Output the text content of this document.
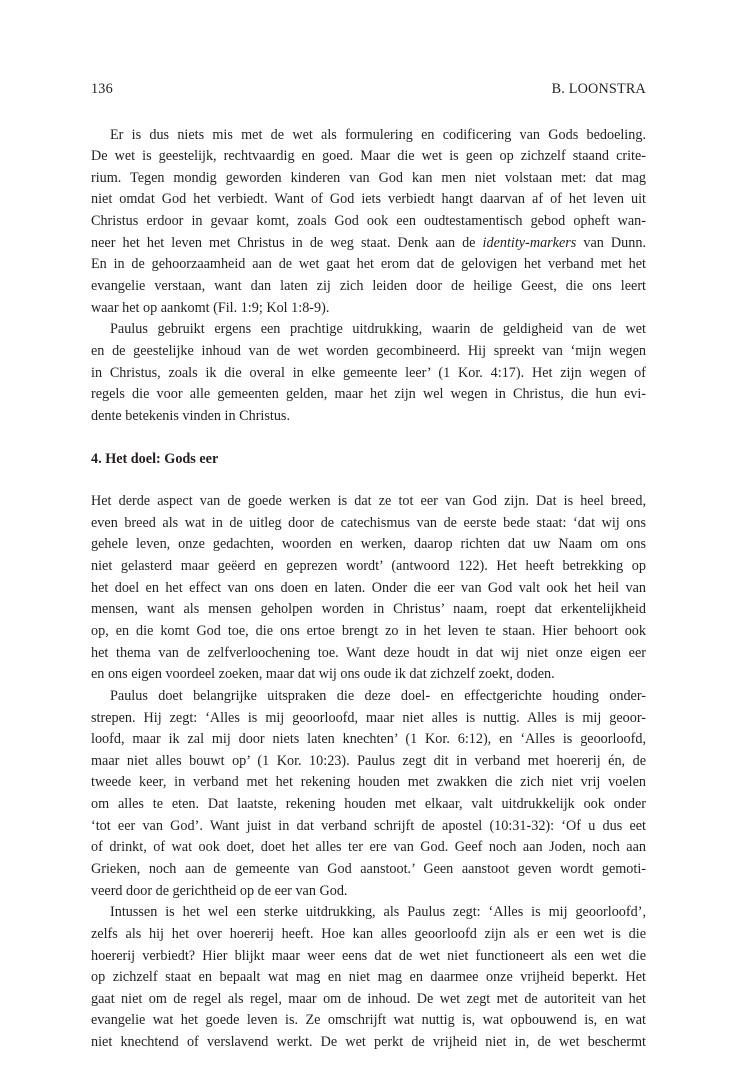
136	B. LOONSTRA
Er is dus niets mis met de wet als formulering en codificering van Gods bedoeling.
De wet is geestelijk, rechtvaardig en goed. Maar die wet is geen op zichzelf staand crite-
rium. Tegen mondig geworden kinderen van God kan men niet volstaan met: dat mag
niet omdat God het verbiedt. Want of God iets verbiedt hangt daarvan af of het leven uit
Christus erdoor in gevaar komt, zoals God ook een oudtestamentisch gebod opheft wan-
neer het het leven met Christus in de weg staat. Denk aan de identity-markers van Dunn.
En in de gehoorzaamheid aan de wet gaat het erom dat de gelovigen het verband met het
evangelie verstaan, want dan laten zij zich leiden door de heilige Geest, die ons leert
waar het op aankomt (Fil. 1:9; Kol 1:8-9).
Paulus gebruikt ergens een prachtige uitdrukking, waarin de geldigheid van de wet
en de geestelijke inhoud van de wet worden gecombineerd. Hij spreekt van ‘mijn wegen
in Christus, zoals ik die overal in elke gemeente leer’ (1 Kor. 4:17). Het zijn wegen of
regels die voor alle gemeenten gelden, maar het zijn wel wegen in Christus, die hun evi-
dente betekenis vinden in Christus.
4. Het doel: Gods eer
Het derde aspect van de goede werken is dat ze tot eer van God zijn. Dat is heel breed,
even breed als wat in de uitleg door de catechismus van de eerste bede staat: ‘dat wij ons
gehele leven, onze gedachten, woorden en werken, daarop richten dat uw Naam om ons
niet gelasterd maar geëerd en geprezen wordt’ (antwoord 122). Het heeft betrekking op
het doel en het effect van ons doen en laten. Onder die eer van God valt ook het heil van
mensen, want als mensen geholpen worden in Christus’ naam, roept dat erkentelijkheid
op, en die komt God toe, die ons ertoe brengt zo in het leven te staan. Hier behoort ook
het thema van de zelfverloochening toe. Want deze houdt in dat wij niet onze eigen eer
en ons eigen voordeel zoeken, maar dat wij ons oude ik dat zichzelf zoekt, doden.
Paulus doet belangrijke uitspraken die deze doel- en effectgerichte houding onder-
strepen. Hij zegt: ‘Alles is mij geoorloofd, maar niet alles is nuttig. Alles is mij geoor-
loofd, maar ik zal mij door niets laten knechten’ (1 Kor. 6:12), en ‘Alles is geoorloofd,
maar niet alles bouwt op’ (1 Kor. 10:23). Paulus zegt dit in verband met hoererij én, de
tweede keer, in verband met het rekening houden met zwakken die zich niet vrij voelen
om alles te eten. Dat laatste, rekening houden met elkaar, valt uitdrukkelijk ook onder
‘tot eer van God’. Want juist in dat verband schrijft de apostel (10:31-32): ‘Of u dus eet
of drinkt, of wat ook doet, doet het alles ter ere van God. Geef noch aan Joden, noch aan
Grieken, noch aan de gemeente van God aanstoot.’ Geen aanstoot geven wordt gemoti-
veerd door de gerichtheid op de eer van God.
Intussen is het wel een sterke uitdrukking, als Paulus zegt: ‘Alles is mij geoorloofd’,
zelfs als hij het over hoererij heeft. Hoe kan alles geoorloofd zijn als er een wet is die
hoererij verbiedt? Hier blijkt maar weer eens dat de wet niet functioneert als een wet die
op zichzelf staat en bepaalt wat mag en niet mag en daarmee onze vrijheid beperkt. Het
gaat niet om de regel als regel, maar om de inhoud. De wet zegt met de autoriteit van het
evangelie wat het goede leven is. Ze omschrijft wat nuttig is, wat opbouwend is, en wat
niet knechtend of verslavend werkt. De wet perkt de vrijheid niet in, de wet beschermt
